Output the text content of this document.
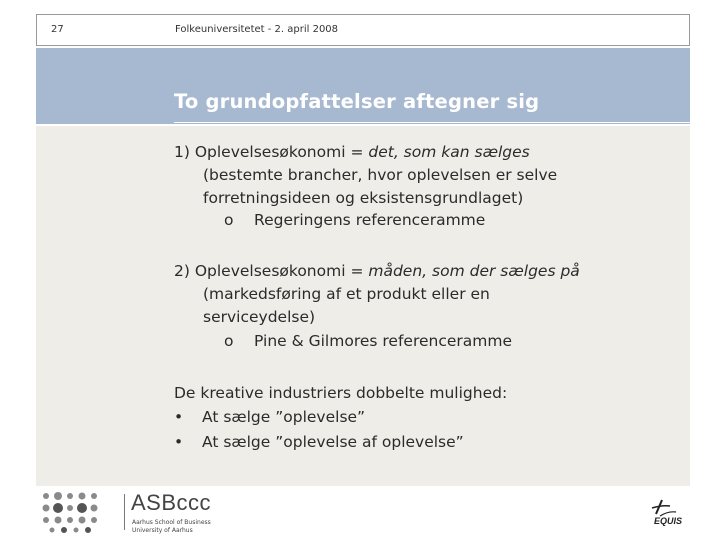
27	Folkeuniversitetet - 2. april 2008
To grundopfattelser aftegner sig
1) Oplevelsesøkonomi = det, som kan sælges
(bestemte brancher, hvor oplevelsen er selve
forretningsideen og eksistensgrundlaget)
o Regeringens referenceramme
2) Oplevelsesøkonomi = måden, som der sælges på
(markedsføring af et produkt eller en
serviceydelse)
o Pine & Gilmores referenceramme
De kreative industriers dobbelte mulighed:
• At sælge ”oplevelse”
• At sælge ”oplevelse af oplevelse”
ASBccc
Aarhus School of Business
University of Aarhus
EQUIS
